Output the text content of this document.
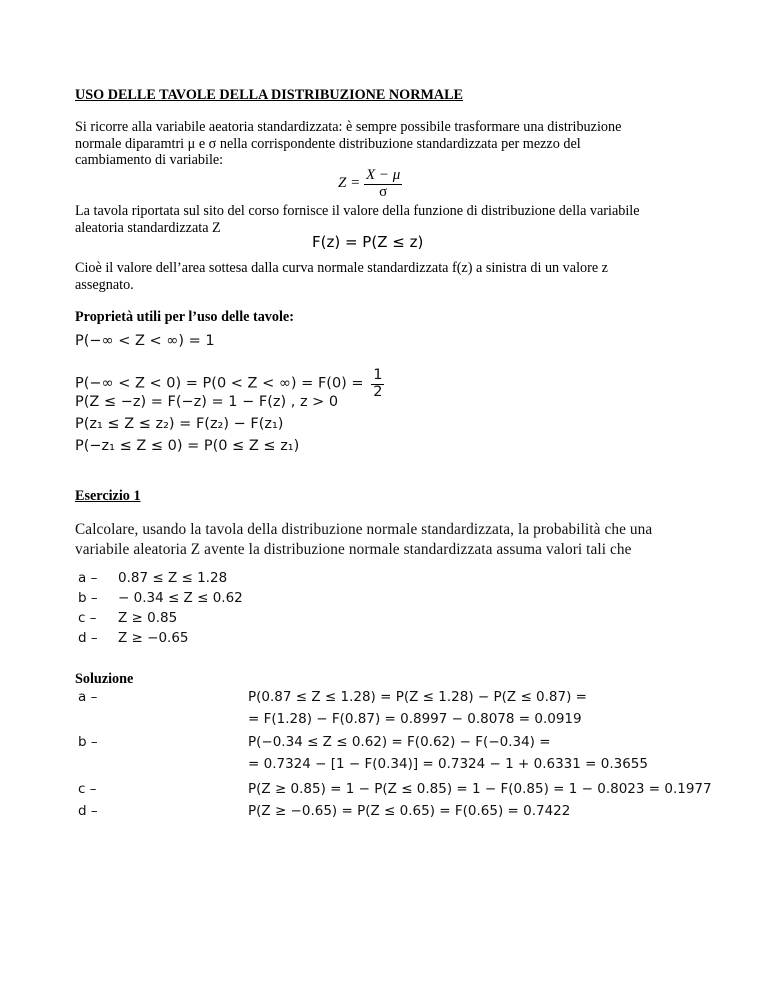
USO DELLE TAVOLE DELLA DISTRIBUZIONE NORMALE
Si ricorre alla variabile aeatoria standardizzata: è sempre possibile trasformare una distribuzione
normale diparamtri μ e σ nella corrispondente distribuzione standardizzata per mezzo del
cambiamento di variabile:
$Z = \frac{X - \mu}{\sigma}$
La tavola riportata sul sito del corso fornisce il valore della funzione di distribuzione della variabile
aleatoria standardizzata Z
F(z) = P(Z ≤ z)
Cioè il valore dell’area sottesa dalla curva normale standardizzata f(z) a sinistra di un valore z
assegnato.
Proprietà utili per l’uso delle tavole:
P(−∞ < Z < ∞) = 1
P(−∞ < Z < 0) = P(0 < Z < ∞) = $F(0) = \frac{1}{2}$
P(Z ≤ −z) = F(−z) = 1 − F(z) , z > 0
P(z₁ ≤ Z ≤ z₂) = F(z₂) − F(z₁)
P(−z₁ ≤ Z ≤ 0) = P(0 ≤ Z ≤ z₁)
Esercizio 1
Calcolare, usando la tavola della distribuzione normale standardizzata, la probabilità che una
variabile aleatoria Z avente la distribuzione normale standardizzata assuma valori tali che
a – 0.87 ≤ Z ≤ 1.28
b – − 0.34 ≤ Z ≤ 0.62
c – Z ≥ 0.85
d – Z ≥ −0.65
Soluzione
a –	P(0.87 ≤ Z ≤ 1.28) = P(Z ≤ 1.28) − P(Z ≤ 0.87) =
= F(1.28) − F(0.87) = 0.8997 − 0.8078 = 0.0919
b –	P(−0.34 ≤ Z ≤ 0.62) = F(0.62) − F(−0.34) =
= 0.7324 − [1 − F(0.34)] = 0.7324 − 1 + 0.6331 = 0.3655
c –	P(Z ≥ 0.85) = 1 − P(Z ≤ 0.85) = 1 − F(0.85) = 1 − 0.8023 = 0.1977
d –	P(Z ≥ −0.65) = P(Z ≤ 0.65) = F(0.65) = 0.7422
